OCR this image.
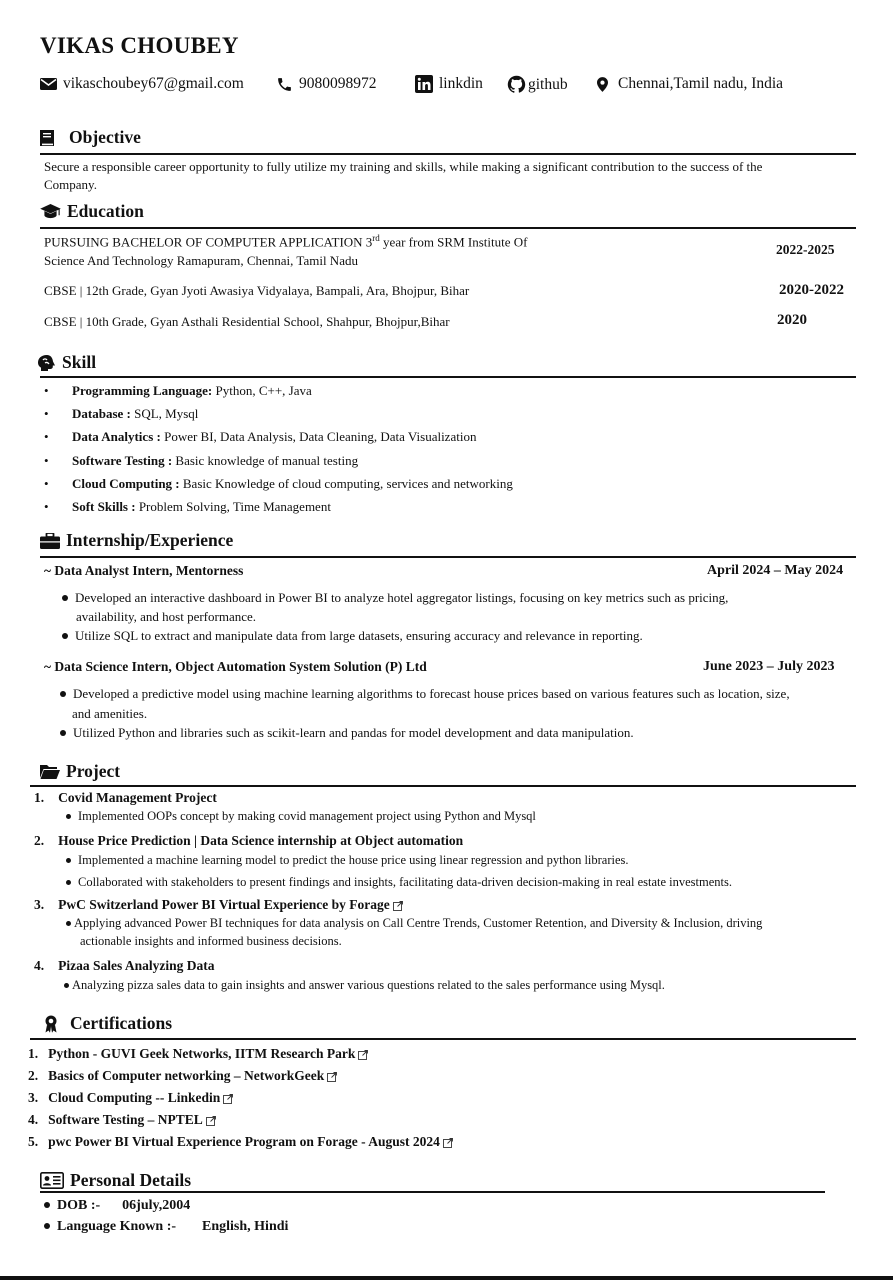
VIKAS CHOUBEY
vikaschoubey67@gmail.com	9080098972	linkdin	github	Chennai,Tamil nadu, India
Objective
Secure a responsible career opportunity to fully utilize my training and skills, while making a significant contribution to the success of the
Company.
Education
PURSUING BACHELOR OF COMPUTER APPLICATION 3rd year from SRM Institute Of
Science And Technology Ramapuram, Chennai, Tamil Nadu
2022-2025
CBSE | 12th Grade, Gyan Jyoti Awasiya Vidyalaya, Bampali, Ara, Bhojpur, Bihar	2020-2022
CBSE | 10th Grade, Gyan Asthali Residential School, Shahpur, Bhojpur,Bihar	2020
Skill
• Programming Language: Python, C++, Java
• Database : SQL, Mysql
• Data Analytics : Power BI, Data Analysis, Data Cleaning, Data Visualization
• Software Testing : Basic knowledge of manual testing
• Cloud Computing : Basic Knowledge of cloud computing, services and networking
• Soft Skills : Problem Solving, Time Management
Internship/Experience
~ Data Analyst Intern, Mentorness	April 2024 – May 2024
Developed an interactive dashboard in Power BI to analyze hotel aggregator listings, focusing on key metrics such as pricing,
availability, and host performance.
Utilize SQL to extract and manipulate data from large datasets, ensuring accuracy and relevance in reporting.
~ Data Science Intern, Object Automation System Solution (P) Ltd	June 2023 – July 2023
Developed a predictive model using machine learning algorithms to forecast house prices based on various features such as location, size,
and amenities.
Utilized Python and libraries such as scikit-learn and pandas for model development and data manipulation.
Project
1. Covid Management Project
Implemented OOPs concept by making covid management project using Python and Mysql
2. House Price Prediction | Data Science internship at Object automation
Implemented a machine learning model to predict the house price using linear regression and python libraries.
Collaborated with stakeholders to present findings and insights, facilitating data-driven decision-making in real estate investments.
3. PwC Switzerland Power BI Virtual Experience by Forage
Applying advanced Power BI techniques for data analysis on Call Centre Trends, Customer Retention, and Diversity & Inclusion, driving
actionable insights and informed business decisions.
4. Pizaa Sales Analyzing Data
Analyzing pizza sales data to gain insights and answer various questions related to the sales performance using Mysql.
Certifications
1. Python - GUVI Geek Networks, IITM Research Park
2. Basics of Computer networking – NetworkGeek
3. Cloud Computing -- Linkedin
4. Software Testing – NPTEL
5. pwc Power BI Virtual Experience Program on Forage - August 2024
Personal Details
DOB :- 06july,2004
Language Known :- English, Hindi
